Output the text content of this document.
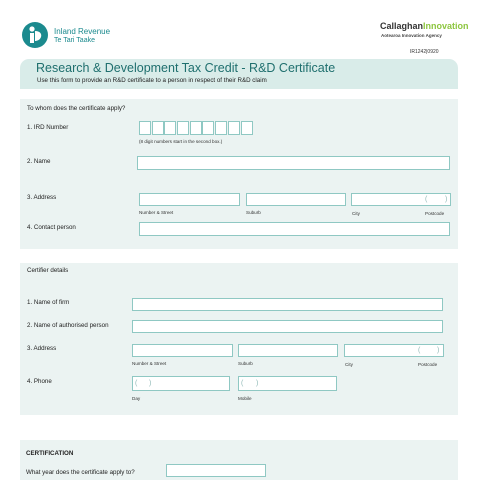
Inland Revenue
Te Tari Taake
CallaghanInnovation
Aotearoa Innovation Agency
IR1242|0920
Research & Development Tax Credit - R&D Certificate
Use this form to provide an R&D certificate to a person in respect of their R&D claim
To whom does the certificate apply?
1. IRD Number
(8 digit numbers start in the second box.)
2. Name
3. Address	(	)
Number & Street	Suburb	City	Postcode
4. Contact person
Certifier details
1. Name of firm
2. Name of authorised person
3. Address	( )
Number & Street	Suburb	City	Postcode
4. Phone	( )	( )
Day	Mobile
CERTIFICATION
What year does the certificate apply to?
